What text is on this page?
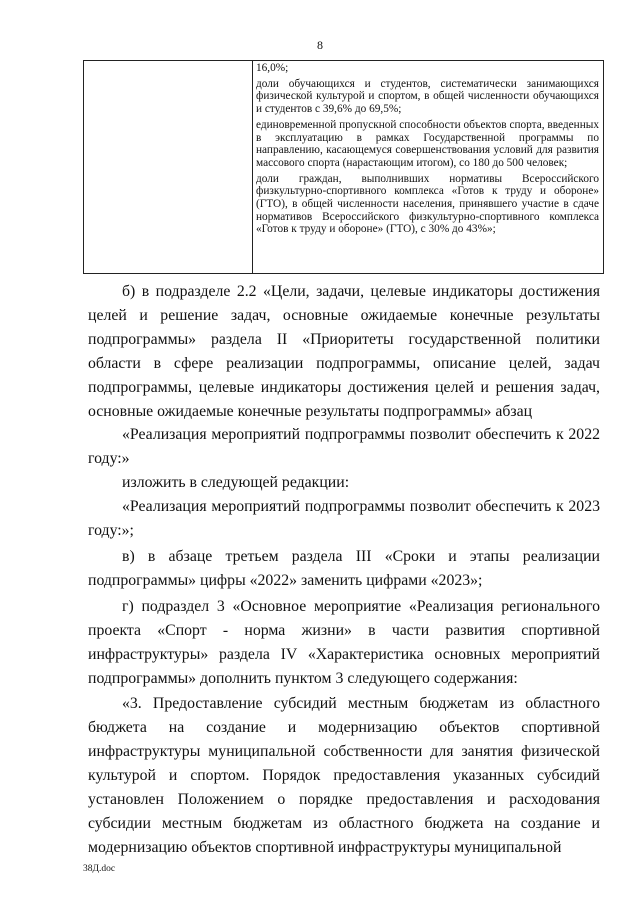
8
16,0%;
доли обучающихся и студентов, систематически занимающихся физической культурой и спортом, в общей численности обучающихся и студентов с 39,6% до 69,5%;
единовременной пропускной способности объектов спорта, введенных в эксплуатацию в рамках Государственной программы по направлению, касающемуся совершенствования условий для развития массового спорта (нарастающим итогом), со 180 до 500 человек;
доли граждан, выполнивших нормативы Всероссийского физкультурно-спортивного комплекса «Готов к труду и обороне» (ГТО), в общей численности населения, принявшего участие в сдаче нормативов Всероссийского физкультурно-спортивного комплекса «Готов к труду и обороне» (ГТО), с 30% до 43%»;

б) в подразделе 2.2 «Цели, задачи, целевые индикаторы достижения целей и решение задач, основные ожидаемые конечные результаты подпрограммы» раздела II «Приоритеты государственной политики области в сфере реализации подпрограммы, описание целей, задач подпрограммы, целевые индикаторы достижения целей и решения задач, основные ожидаемые конечные результаты подпрограммы» абзац

«Реализация мероприятий подпрограммы позволит обеспечить к 2022 году:»

изложить в следующей редакции:

«Реализация мероприятий подпрограммы позволит обеспечить к 2023 году:»;

в) в абзаце третьем раздела III «Сроки и этапы реализации подпрограммы» цифры «2022» заменить цифрами «2023»;

г) подраздел 3 «Основное мероприятие «Реализация регионального проекта «Спорт - норма жизни» в части развития спортивной инфраструктуры» раздела IV «Характеристика основных мероприятий подпрограммы» дополнить пунктом 3 следующего содержания:

«3. Предоставление субсидий местным бюджетам из областного бюджета на создание и модернизацию объектов спортивной инфраструктуры муниципальной собственности для занятия физической культурой и спортом. Порядок предоставления указанных субсидий установлен Положением о порядке предоставления и расходования субсидии местным бюджетам из областного бюджета на создание и модернизацию объектов спортивной инфраструктуры муниципальной

38Д.doc
